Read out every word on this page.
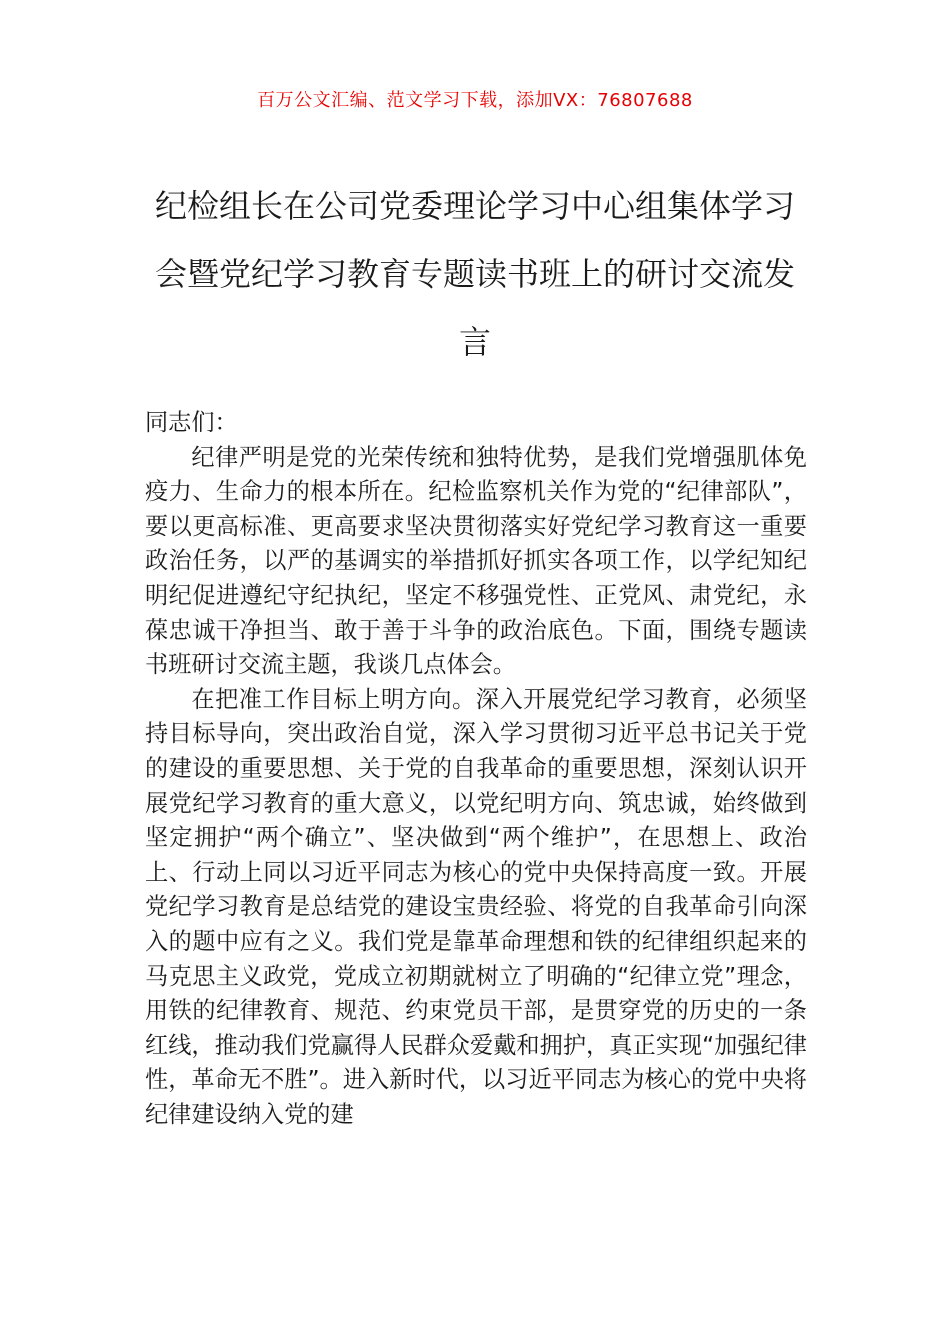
百万公文汇编、范文学习下载，添加VX：76807688
纪检组长在公司党委理论学习中心组集体学习会暨党纪学习教育专题读书班上的研讨交流发言

同志们：

纪律严明是党的光荣传统和独特优势，是我们党增强肌体免疫力、生命力的根本所在。纪检监察机关作为党的“纪律部队”，要以更高标准、更高要求坚决贯彻落实好党纪学习教育这一重要政治任务，以严的基调实的举措抓好抓实各项工作，以学纪知纪明纪促进遵纪守纪执纪，坚定不移强党性、正党风、肃党纪，永葆忠诚干净担当、敢于善于斗争的政治底色。下面，围绕专题读书班研讨交流主题，我谈几点体会。

在把准工作目标上明方向。深入开展党纪学习教育，必须坚持目标导向，突出政治自觉，深入学习贯彻习近平总书记关于党的建设的重要思想、关于党的自我革命的重要思想，深刻认识开展党纪学习教育的重大意义，以党纪明方向、筑忠诚，始终做到坚定拥护“两个确立”、坚决做到“两个维护”，在思想上、政治上、行动上同以习近平同志为核心的党中央保持高度一致。开展党纪学习教育是总结党的建设宝贵经验、将党的自我革命引向深入的题中应有之义。我们党是靠革命理想和铁的纪律组织起来的马克思主义政党，党成立初期就树立了明确的“纪律立党”理念，用铁的纪律教育、规范、约束党员干部，是贯穿党的历史的一条红线，推动我们党赢得人民群众爱戴和拥护，真正实现“加强纪律性，革命无不胜”。进入新时代，以习近平同志为核心的党中央将纪律建设纳入党的建
